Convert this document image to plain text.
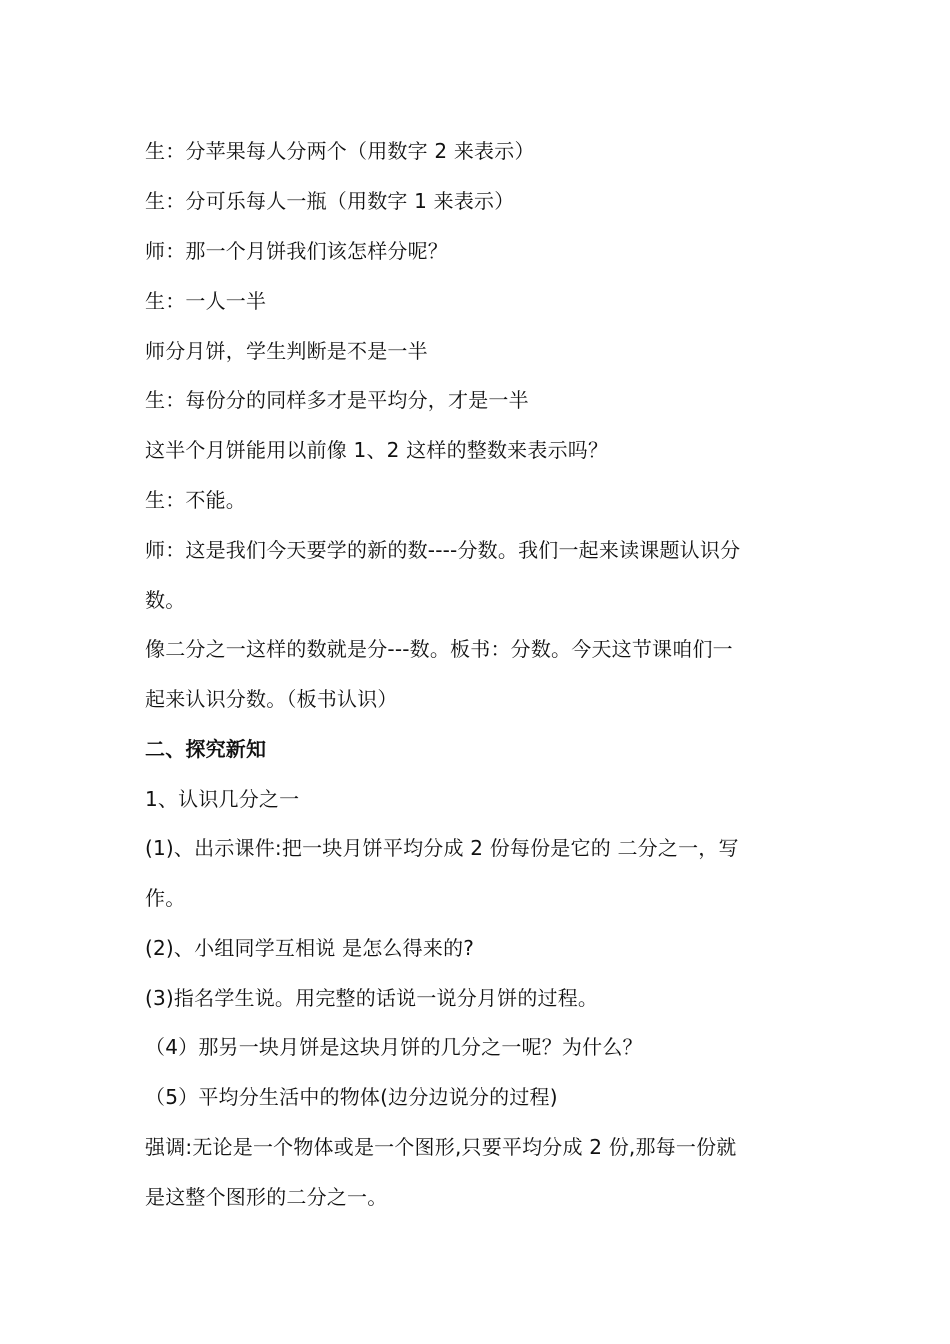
生：分苹果每人分两个（用数字 2 来表示）
生：分可乐每人一瓶（用数字 1 来表示）
师：那一个月饼我们该怎样分呢？
生：一人一半
师分月饼，学生判断是不是一半
生：每份分的同样多才是平均分，才是一半
这半个月饼能用以前像 1、2 这样的整数来表示吗？
生：不能。
师：这是我们今天要学的新的数----分数。我们一起来读课题认识分
数。
像二分之一这样的数就是分---数。板书：分数。今天这节课咱们一
起来认识分数。（板书认识）
二、探究新知
1、认识几分之一
(1)、出示课件:把一块月饼平均分成 2 份每份是它的 二分之一，写
作。
(2)、小组同学互相说 是怎么得来的?
(3)指名学生说。用完整的话说一说分月饼的过程。
（4）那另一块月饼是这块月饼的几分之一呢？为什么？
（5）平均分生活中的物体(边分边说分的过程)
强调:无论是一个物体或是一个图形,只要平均分成 2 份,那每一份就
是这整个图形的二分之一。
